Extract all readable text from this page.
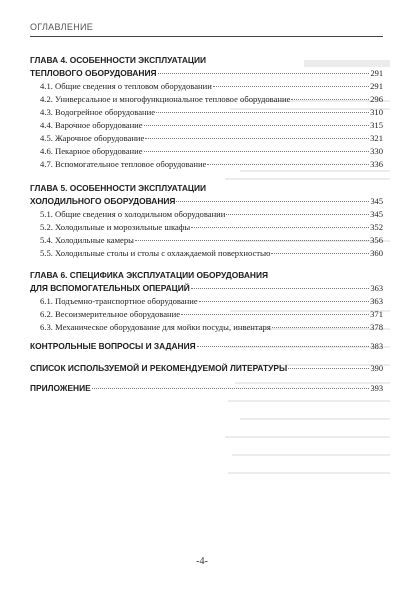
ОГЛАВЛЕНИЕ
ГЛАВА 4. ОСОБЕННОСТИ ЭКСПЛУАТАЦИИ
ТЕПЛОВОГО ОБОРУДОВАНИЯ	291
4.1. Общие сведения о тепловом оборудовании	291
4.2. Универсальное и многофункциональное тепловое оборудование	296
4.3. Водогрейное оборудование	310
4.4. Варочное оборудование	315
4.5. Жарочное оборудование	321
4.6. Пекарное оборудование	330
4.7. Вспомогательное тепловое оборудование	336
ГЛАВА 5. ОСОБЕННОСТИ ЭКСПЛУАТАЦИИ
ХОЛОДИЛЬНОГО ОБОРУДОВАНИЯ	345
5.1. Общие сведения о холодильном оборудовании	345
5.2. Холодильные и морозильные шкафы	352
5.4. Холодильные камеры	356
5.5. Холодильные столы и столы с охлаждаемой поверхностью	360
ГЛАВА 6. СПЕЦИФИКА ЭКСПЛУАТАЦИИ ОБОРУДОВАНИЯ
ДЛЯ ВСПОМОГАТЕЛЬНЫХ ОПЕРАЦИЙ	363
6.1. Подъемно-транспортное оборудование	363
6.2. Весоизмерительное оборудование	371
6.3. Механическое оборудование для мойки посуды, инвентаря	378
КОНТРОЛЬНЫЕ ВОПРОСЫ И ЗАДАНИЯ	383
СПИСОК ИСПОЛЬЗУЕМОЙ И РЕКОМЕНДУЕМОЙ ЛИТЕРАТУРЫ	390
ПРИЛОЖЕНИЕ	393
-4-
